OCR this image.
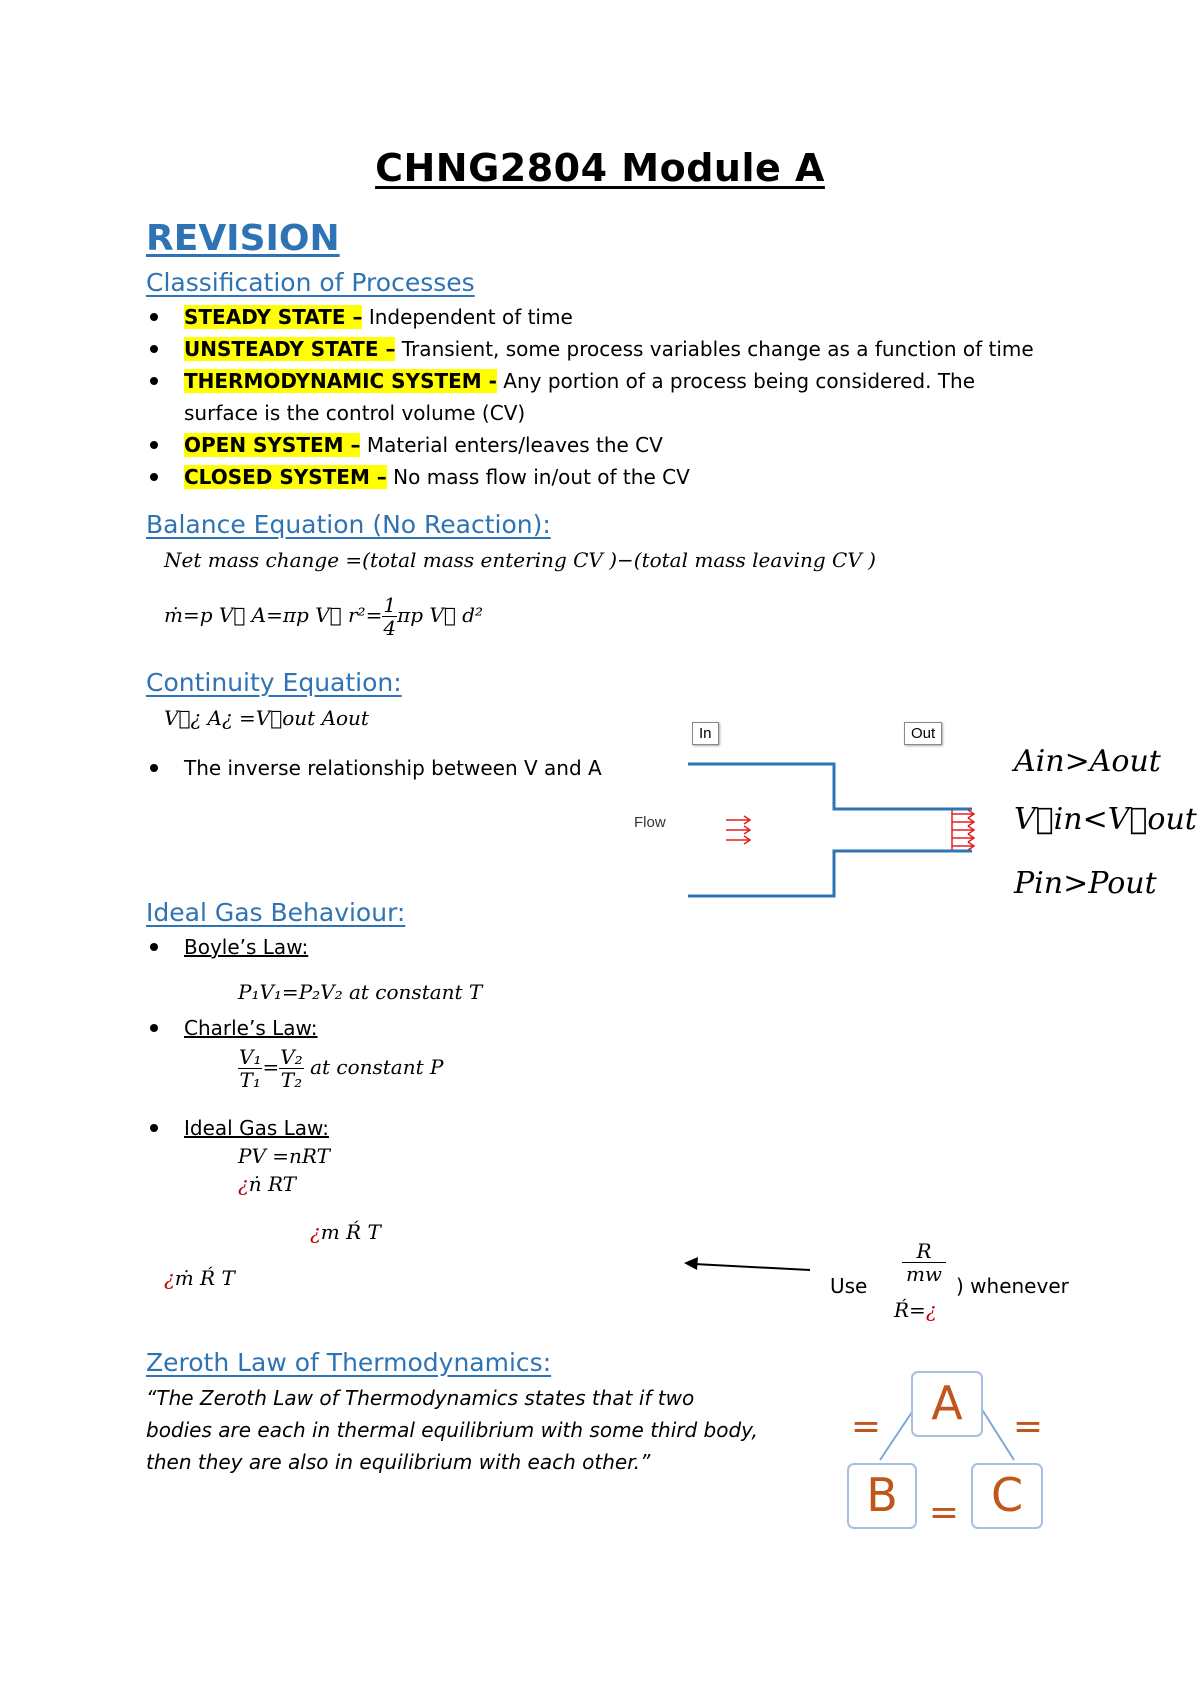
CHNG2804 Module A
REVISION
Classification of Processes
STEADY STATE – Independent of time
UNSTEADY STATE – Transient, some process variables change as a function of time
THERMODYNAMIC SYSTEM - Any portion of a process being considered. The surface is the control volume (CV)
OPEN SYSTEM – Material enters/leaves the CV
CLOSED SYSTEM – No mass flow in/out of the CV
Balance Equation (No Reaction):
Net mass change =(total mass entering CV )−(total mass leaving CV )
ṁ=p V⃗ A=πp V⃗ $r^2= \frac{1}{4}$ πp V⃗ d²
Continuity Equation:
V⃗¿ A¿ =V⃗out Aout
The inverse relationship between V and A
In	Out
Flow
Ain>Aout
V⃗in<V⃗out
Pin>Pout
Ideal Gas Behaviour:
Boyle’s Law:
P₁V₁=P₂V₂ at constant T
Charle’s Law:
$\frac{\text{V₁}}{\text{T₁}} = \frac{\text{V₂}}{\text{T₂}}$ at constant P
Ideal Gas Law:
PV =nRT
¿ṅ RT
¿m Ŕ T
¿ṁ Ŕ T	Use
$\frac{R}{mw}$
) whenever
Ŕ=¿
Zeroth Law of Thermodynamics:
“The Zeroth Law of Thermodynamics states that if two bodies are each in thermal equilibrium with some third body, then they are also in equilibrium with each other.”
A
B C
=	=
=
